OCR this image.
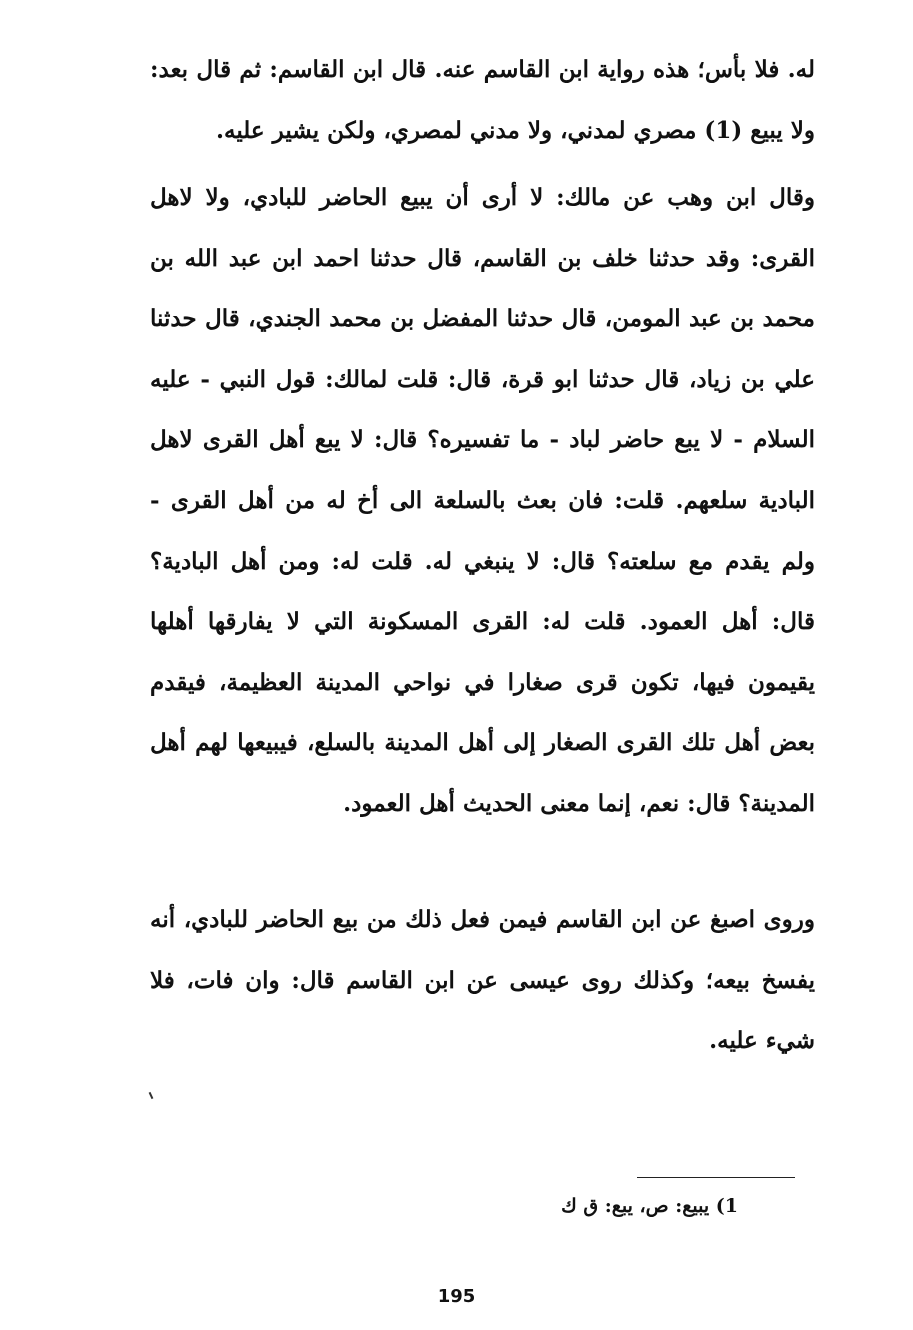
له. فلا بأس؛ هذه رواية ابن القاسم عنه. قال ابن القاسم: ثم قال بعد: ولا يبيع (1) مصري لمدني، ولا مدني لمصري، ولكن يشير عليه.

وقال ابن وهب عن مالك: لا أرى أن يبيع الحاضر للبادي، ولا لاهل القرى: وقد حدثنا خلف بن القاسم، قال حدثنا احمد ابن عبد الله بن محمد بن عبد المومن، قال حدثنا المفضل بن محمد الجندي، قال حدثنا علي بن زياد، قال حدثنا ابو قرة، قال: قلت لمالك: قول النبي - عليه السلام - لا يبع حاضر لباد - ما تفسيره؟ قال: لا يبع أهل القرى لاهل البادية سلعهم. قلت: فان بعث بالسلعة الى أخ له من أهل القرى - ولم يقدم مع سلعته؟ قال: لا ينبغي له. قلت له: ومن أهل البادية؟ قال: أهل العمود. قلت له: القرى المسكونة التي لا يفارقها أهلها يقيمون فيها، تكون قرى صغارا في نواحي المدينة العظيمة، فيقدم بعض أهل تلك القرى الصغار إلى أهل المدينة بالسلع، فيبيعها لهم أهل المدينة؟ قال: نعم، إنما معنى الحديث أهل العمود.

وروى اصبغ عن ابن القاسم فيمن فعل ذلك من بيع الحاضر للبادي، أنه يفسخ بيعه؛ وكذلك روى عيسى عن ابن القاسم قال: وان فات، فلا شيء عليه.

1) يبيع: ص، يبع: ق ك
195
